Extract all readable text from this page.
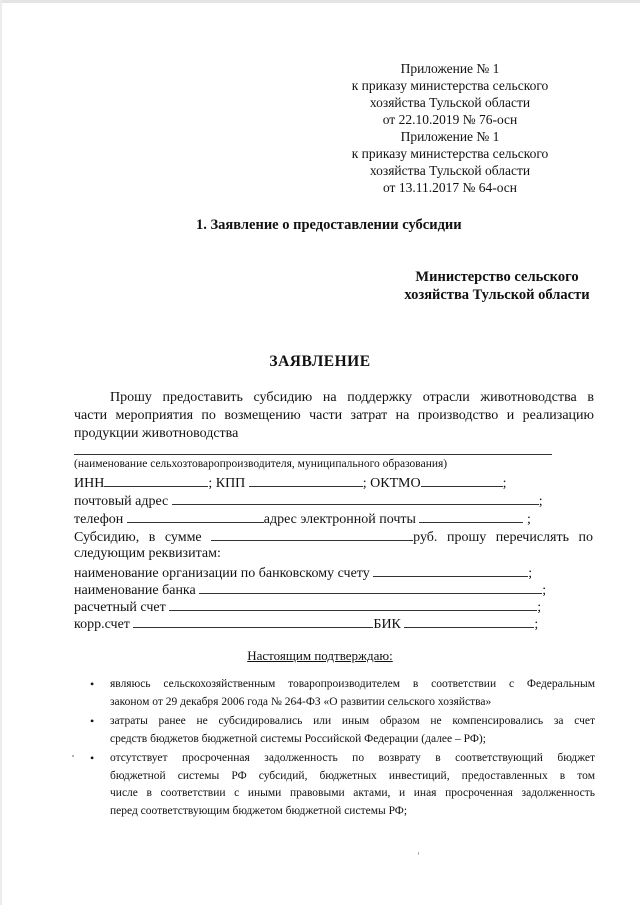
Приложение № 1
к приказу министерства сельского
хозяйства Тульской области
от 22.10.2019 № 76-осн
Приложение № 1
к приказу министерства сельского
хозяйства Тульской области
от 13.11.2017 № 64-осн
1. Заявление о предоставлении субсидии
Министерство сельского
хозяйства Тульской области
ЗАЯВЛЕНИЕ
Прошу предоставить субсидию на поддержку отрасли животноводства в
части мероприятия по возмещению части затрат на производство и реализацию
продукции животноводства
(наименование сельхозтоваропроизводителя, муниципального образования)
ИНН	; КПП	; ОКТМО	;
почтовый адрес	;
телефон	адрес электронной почты	;
Субсидию, в сумме	руб. прошу перечислять по
следующим реквизитам:
наименование организации по банковскому счету	;
наименование банка	;
расчетный счет	;
корр.счет	БИК	;
Настоящим подтверждаю:
• являюсь сельскохозяйственным товаропроизводителем в соответствии с Федеральным
законом от 29 декабря 2006 года № 264-ФЗ «О развитии сельского хозяйства»
• затраты ранее не субсидировались или иным образом не компенсировались за счет
средств бюджетов бюджетной системы Российской Федерации (далее – РФ);
• отсутствует просроченная задолженность по возврату в соответствующий бюджет
бюджетной системы РФ субсидий, бюджетных инвестиций, предоставленных в том
числе в соответствии с иными правовыми актами, и иная просроченная задолженность
перед соответствующим бюджетом бюджетной системы РФ;
